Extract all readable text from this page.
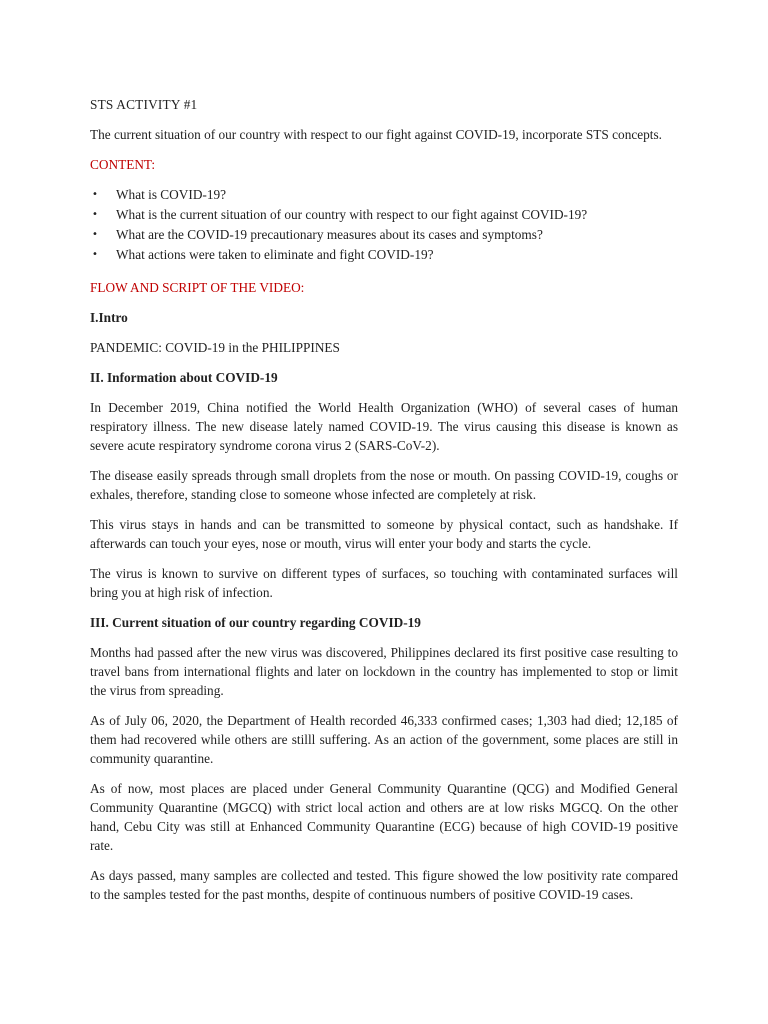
STS ACTIVITY #1

The current situation of our country with respect to our fight against COVID-19, incorporate STS concepts.

CONTENT:

• What is COVID-19?
• What is the current situation of our country with respect to our fight against COVID-19?
• What are the COVID-19 precautionary measures about its cases and symptoms?
• What actions were taken to eliminate and fight COVID-19?

FLOW AND SCRIPT OF THE VIDEO:

I.Intro

PANDEMIC: COVID-19 in the PHILIPPINES

II. Information about COVID-19

In December 2019, China notified the World Health Organization (WHO) of several cases of human respiratory illness. The new disease lately named COVID-19. The virus causing this disease is known as severe acute respiratory syndrome corona virus 2 (SARS-CoV-2).

The disease easily spreads through small droplets from the nose or mouth. On passing COVID-19, coughs or exhales, therefore, standing close to someone whose infected are completely at risk.

This virus stays in hands and can be transmitted to someone by physical contact, such as handshake. If afterwards can touch your eyes, nose or mouth, virus will enter your body and starts the cycle.

The virus is known to survive on different types of surfaces, so touching with contaminated surfaces will bring you at high risk of infection.

III. Current situation of our country regarding COVID-19

Months had passed after the new virus was discovered, Philippines declared its first positive case resulting to travel bans from international flights and later on lockdown in the country has implemented to stop or limit the virus from spreading.

As of July 06, 2020, the Department of Health recorded 46,333 confirmed cases; 1,303 had died; 12,185 of them had recovered while others are stilll suffering. As an action of the government, some places are still in community quarantine.

As of now, most places are placed under General Community Quarantine (QCG) and Modified General Community Quarantine (MGCQ) with strict local action and others are at low risks MGCQ. On the other hand, Cebu City was still at Enhanced Community Quarantine (ECG) because of high COVID-19 positive rate.

As days passed, many samples are collected and tested. This figure showed the low positivity rate compared to the samples tested for the past months, despite of continuous numbers of positive COVID-19 cases.
